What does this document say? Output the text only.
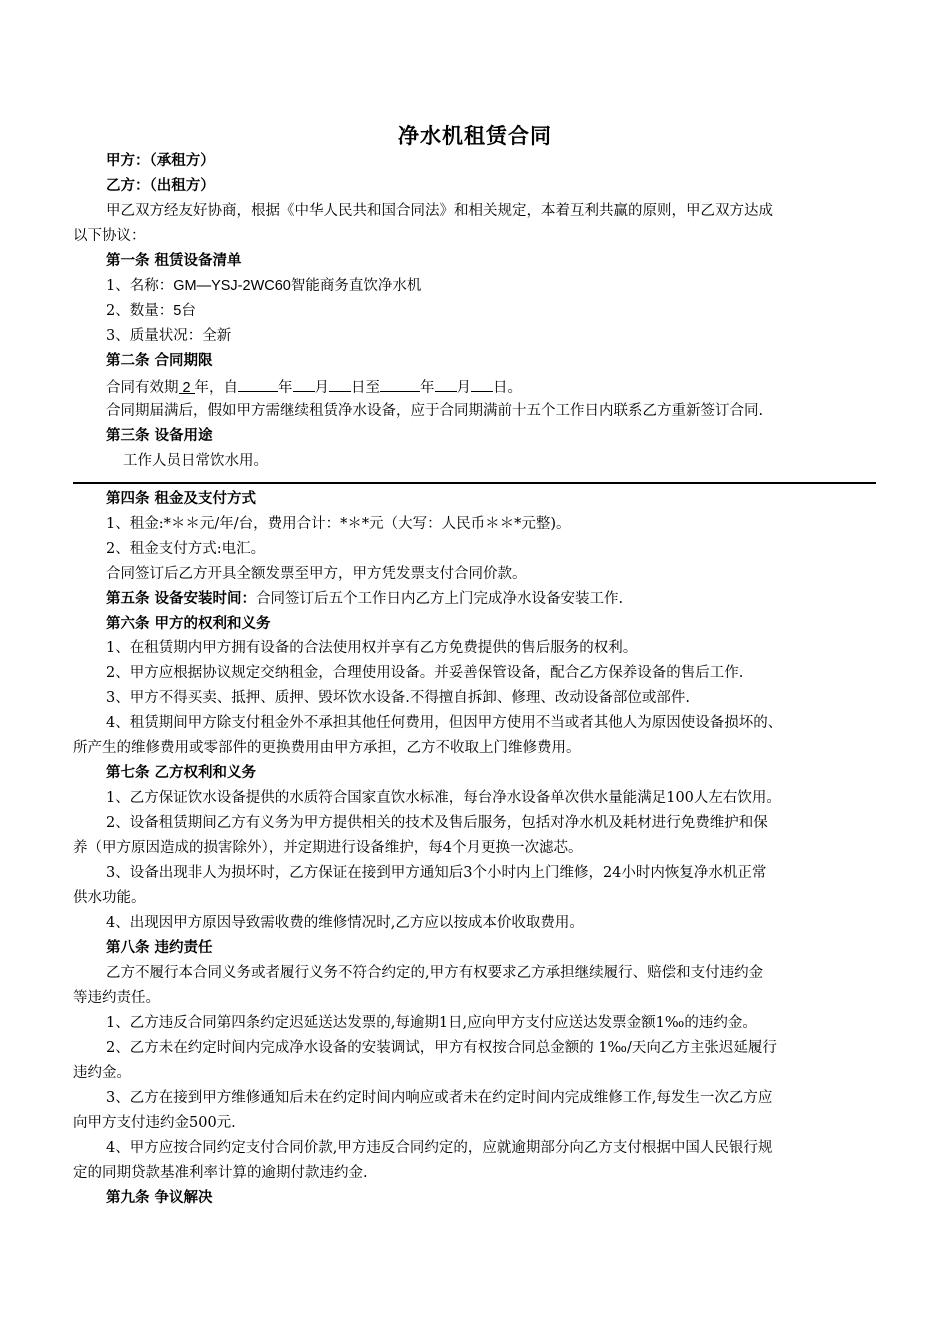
净水机租赁合同
甲方：（承租方）
乙方：（出租方）
甲乙双方经友好协商，根据《中华人民共和国合同法》和相关规定，本着互利共赢的原则，甲乙双方达成
以下协议：
第一条 租赁设备清单
1、名称：GM—YSJ-2WC60智能商务直饮净水机
2、数量：5台
3、质量状况：全新
第二条 合同期限
合同有效期 2 年，自	年 月 日至	年 月 日。
合同期届满后，假如甲方需继续租赁净水设备，应于合同期满前十五个工作日内联系乙方重新签订合同.
第三条 设备用途
工作人员日常饮水用。
第四条 租金及支付方式
1、租金:*＊＊元/年/台，费用合计：*＊*元（大写：人民币＊＊*元整)。
2、租金支付方式:电汇。
合同签订后乙方开具全额发票至甲方，甲方凭发票支付合同价款。
第五条 设备安装时间：合同签订后五个工作日内乙方上门完成净水设备安装工作.
第六条 甲方的权利和义务
1、在租赁期内甲方拥有设备的合法使用权并享有乙方免费提供的售后服务的权利。
2、甲方应根据协议规定交纳租金，合理使用设备。并妥善保管设备，配合乙方保养设备的售后工作.
3、甲方不得买卖、抵押、质押、毁坏饮水设备.不得擅自拆卸、修理、改动设备部位或部件.
4、租赁期间甲方除支付租金外不承担其他任何费用，但因甲方使用不当或者其他人为原因使设备损坏的、
所产生的维修费用或零部件的更换费用由甲方承担，乙方不收取上门维修费用。
第七条 乙方权利和义务
1、乙方保证饮水设备提供的水质符合国家直饮水标准，每台净水设备单次供水量能满足100人左右饮用。
2、设备租赁期间乙方有义务为甲方提供相关的技术及售后服务，包括对净水机及耗材进行免费维护和保
养（甲方原因造成的损害除外），并定期进行设备维护，每4个月更换一次滤芯。
3、设备出现非人为损坏时，乙方保证在接到甲方通知后3个小时内上门维修，24小时内恢复净水机正常
供水功能。
4、出现因甲方原因导致需收费的维修情况时,乙方应以按成本价收取费用。
第八条 违约责任
乙方不履行本合同义务或者履行义务不符合约定的,甲方有权要求乙方承担继续履行、赔偿和支付违约金
等违约责任。
1、乙方违反合同第四条约定迟延送达发票的,每逾期1日,应向甲方支付应送达发票金额1‰的违约金。
2、乙方未在约定时间内完成净水设备的安装调试，甲方有权按合同总金额的 1‰/天向乙方主张迟延履行
违约金。
3、乙方在接到甲方维修通知后未在约定时间内响应或者未在约定时间内完成维修工作,每发生一次乙方应
向甲方支付违约金500元.
4、甲方应按合同约定支付合同价款,甲方违反合同约定的，应就逾期部分向乙方支付根据中国人民银行规
定的同期贷款基准利率计算的逾期付款违约金.
第九条 争议解决
